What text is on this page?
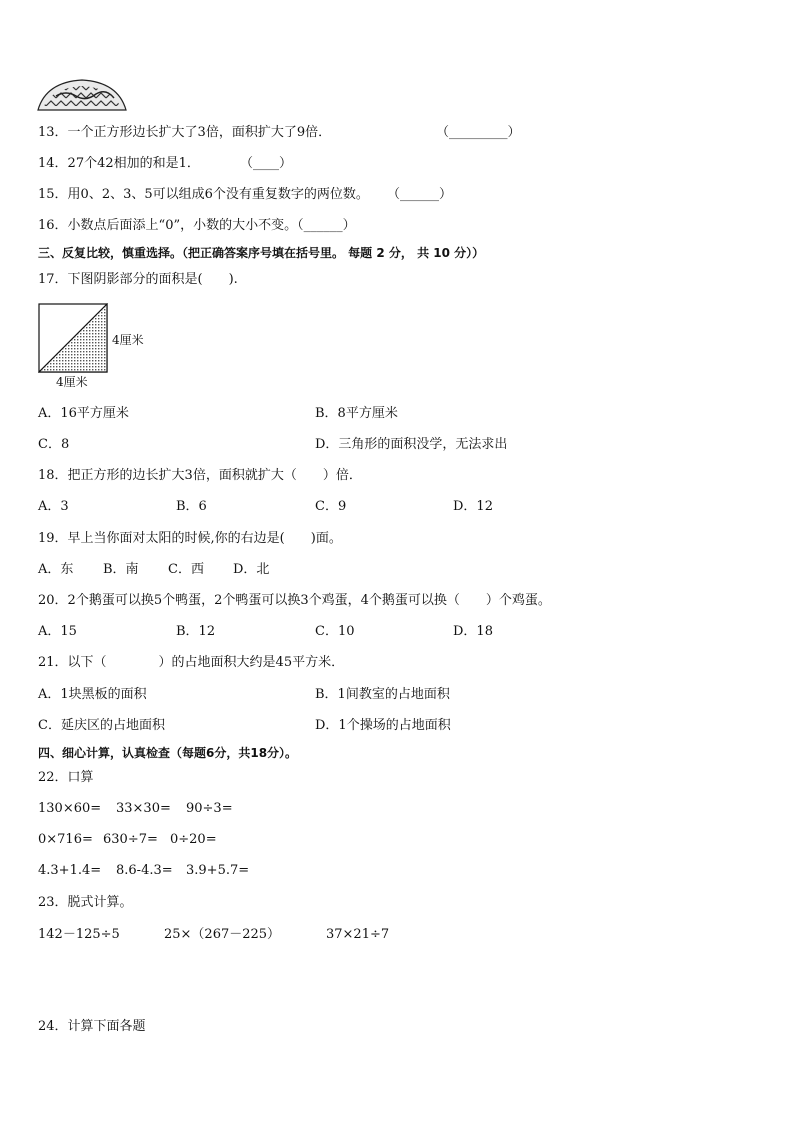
13．一个正方形边长扩大了3倍，面积扩大了9倍．	（_________）
14．27个42相加的和是1．	（____）
15．用0、2、3、5可以组成6个没有重复数字的两位数。 （______）
16．小数点后面添上“0”，小数的大小不变。（______）
三、反复比较，慎重选择。（把正确答案序号填在括号里。 每题 2 分， 共 10 分））
17．下图阴影部分的面积是(　　).
4厘米
4厘米
A．16平方厘米	B．8平方厘米
C．8	D．三角形的面积没学，无法求出
18．把正方形的边长扩大3倍，面积就扩大（　　）倍．
A．3	B．6	C．9	D．12
19．早上当你面对太阳的时候,你的右边是(　　)面。
A．东 B．南 C．西 D．北
20．2个鹅蛋可以换5个鸭蛋，2个鸭蛋可以换3个鸡蛋，4个鹅蛋可以换（　　）个鸡蛋。
A．15	B．12	C．10	D．18
21．以下（　　　　）的占地面积大约是45平方米．
A．1块黑板的面积	B．1间教室的占地面积
C．延庆区的占地面积	D．1个操场的占地面积
四、细心计算，认真检查（每题6分，共18分）。
22．口算
130×60= 33×30= 90÷3=
0×716= 630÷7= 0÷20=
4.3+1.4= 8.6-4.3= 3.9+5.7=
23．脱式计算。
142－125÷5	25×（267－225）	37×21÷7
24．计算下面各题
